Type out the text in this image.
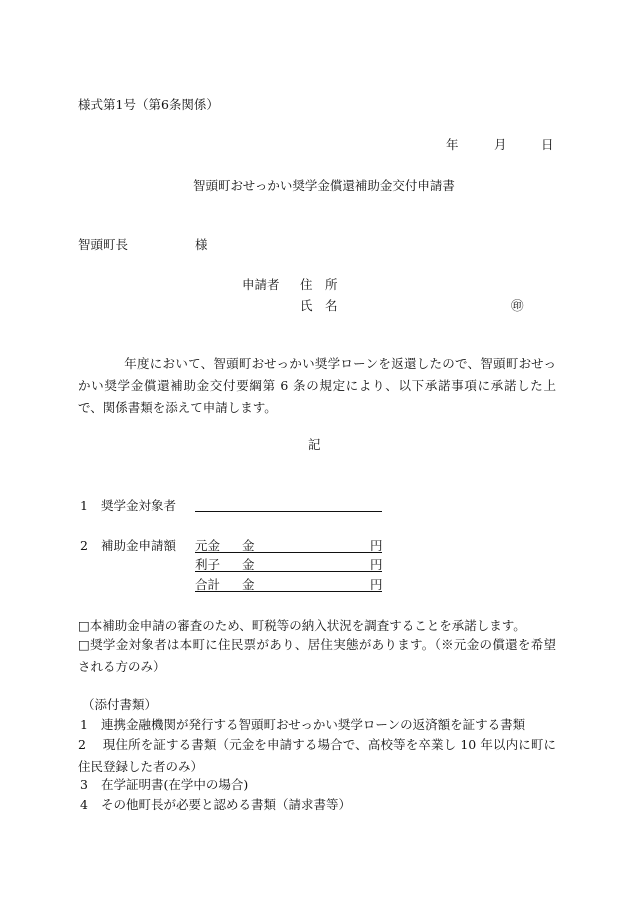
様式第1号（第6条関係）
年	月	日
智頭町おせっかい奨学金償還補助金交付申請書
智頭町長	様
申請者 住　所
氏　名	㊞
年度において、智頭町おせっかい奨学ローンを返還したので、智頭町おせっかい奨学金償還補助金交付要綱第 6 条の規定により、以下承諾事項に承諾した上で、関係書類を添えて申請します。
記
1 奨学金対象者
2 補助金申請額 元金 金	円
利子 金	円
合計 金	円
□本補助金申請の審査のため、町税等の納入状況を調査することを承諾します。
□奨学金対象者は本町に住民票があり、居住実態があります。（※元金の償還を希望される方のみ）
（添付書類）
1 連携金融機関が発行する智頭町おせっかい奨学ローンの返済額を証する書類
2　 現住所を証する書類（元金を申請する場合で、高校等を卒業し 10 年以内に町に住民登録した者のみ）
3 在学証明書(在学中の場合)
4 その他町長が必要と認める書類（請求書等）
